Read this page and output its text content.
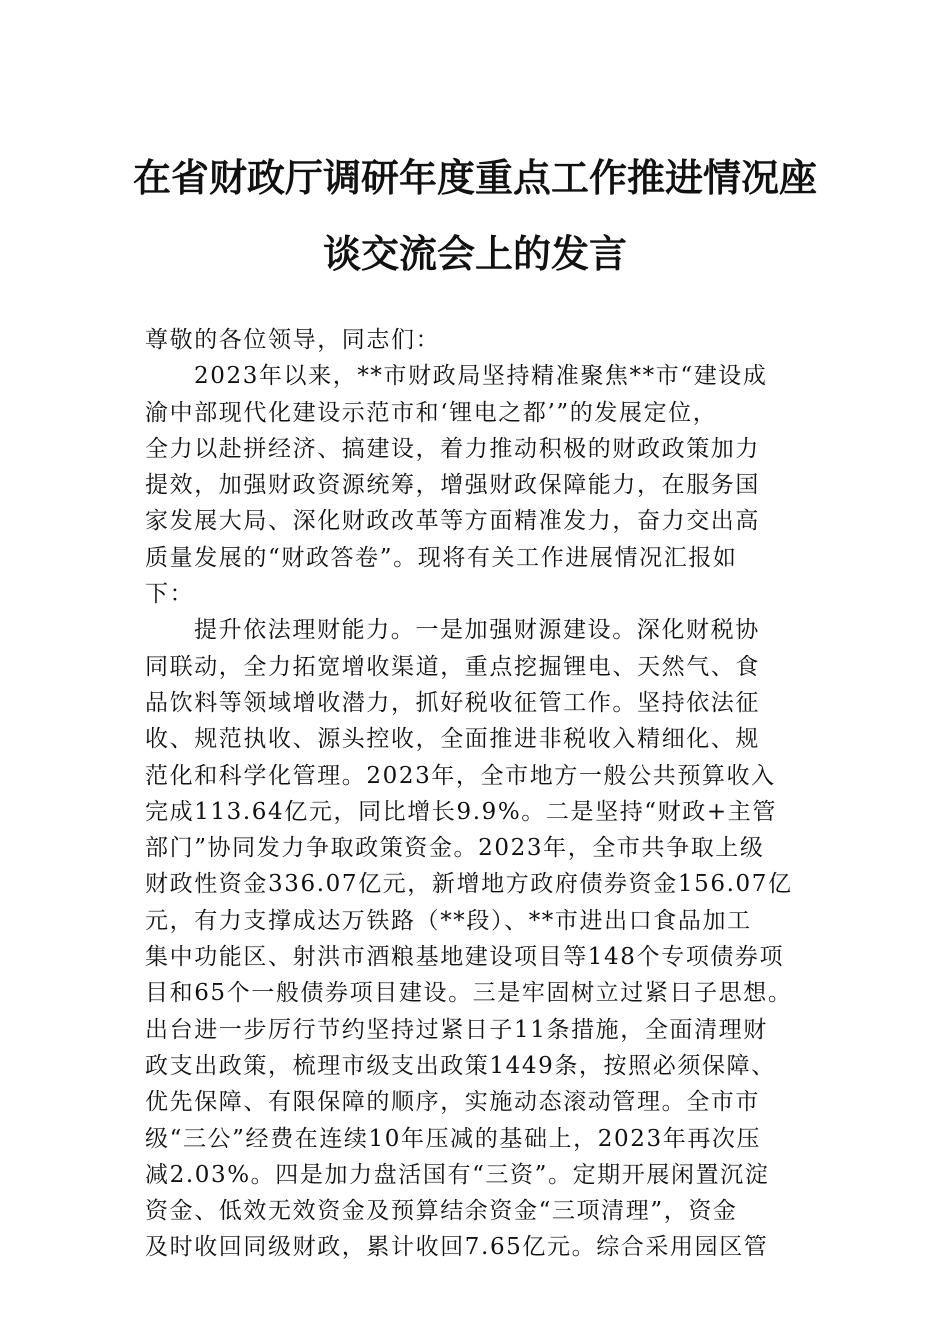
在省财政厅调研年度重点工作推进情况座
谈交流会上的发言
尊敬的各位领导，同志们：
2023年以来，**市财政局坚持精准聚焦**市“建设成
渝中部现代化建设示范市和‘锂电之都’”的发展定位，
全力以赴拼经济、搞建设，着力推动积极的财政政策加力
提效，加强财政资源统筹，增强财政保障能力，在服务国
家发展大局、深化财政改革等方面精准发力，奋力交出高
质量发展的“财政答卷”。现将有关工作进展情况汇报如
下：
提升依法理财能力。一是加强财源建设。深化财税协
同联动，全力拓宽增收渠道，重点挖掘锂电、天然气、食
品饮料等领域增收潜力，抓好税收征管工作。坚持依法征
收、规范执收、源头控收，全面推进非税收入精细化、规
范化和科学化管理。2023年，全市地方一般公共预算收入
完成113.64亿元，同比增长9.9%。二是坚持“财政+主管
部门”协同发力争取政策资金。2023年，全市共争取上级
财政性资金336.07亿元，新增地方政府债券资金156.07亿
元，有力支撑成达万铁路（**段）、**市进出口食品加工
集中功能区、射洪市酒粮基地建设项目等148个专项债券项
目和65个一般债券项目建设。三是牢固树立过紧日子思想。
出台进一步厉行节约坚持过紧日子11条措施，全面清理财
政支出政策，梳理市级支出政策1449条，按照必须保障、
优先保障、有限保障的顺序，实施动态滚动管理。全市市
级“三公”经费在连续10年压减的基础上，2023年再次压
减2.03%。四是加力盘活国有“三资”。定期开展闲置沉淀
资金、低效无效资金及预算结余资金“三项清理”，资金
及时收回同级财政，累计收回7.65亿元。综合采用园区管
